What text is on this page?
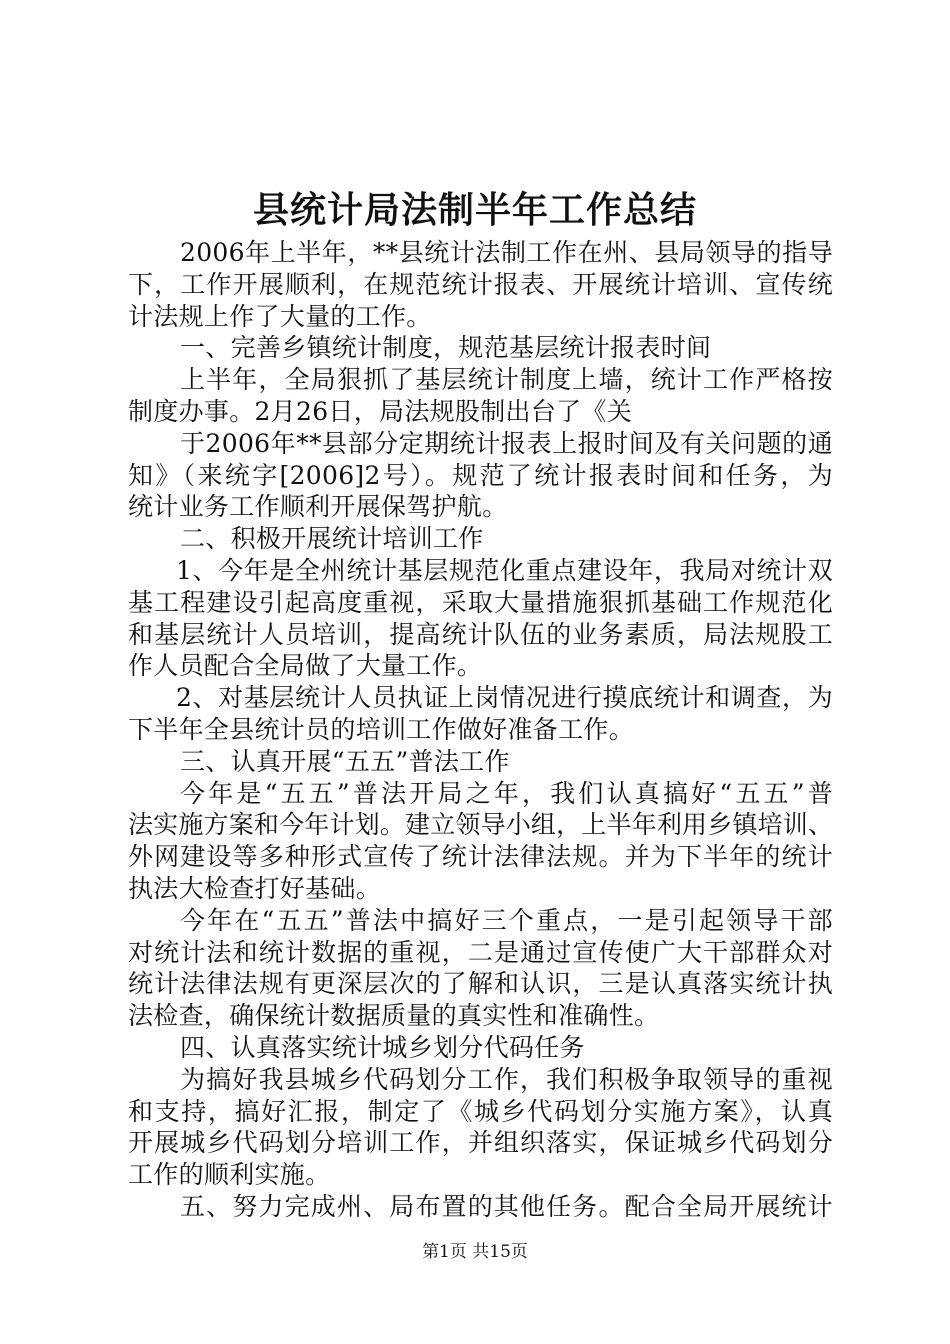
县统计局法制半年工作总结
2006年上半年，**县统计法制工作在州、县局领导的指导
下，工作开展顺利，在规范统计报表、开展统计培训、宣传统
计法规上作了大量的工作。
一、完善乡镇统计制度，规范基层统计报表时间
上半年，全局狠抓了基层统计制度上墙，统计工作严格按
制度办事。2月26日，局法规股制出台了《关
于2006年**县部分定期统计报表上报时间及有关问题的通
知》（来统字[2006]2号）。规范了统计报表时间和任务，为
统计业务工作顺利开展保驾护航。
二、积极开展统计培训工作
1、今年是全州统计基层规范化重点建设年，我局对统计双
基工程建设引起高度重视，采取大量措施狠抓基础工作规范化
和基层统计人员培训，提高统计队伍的业务素质，局法规股工
作人员配合全局做了大量工作。
2、对基层统计人员执证上岗情况进行摸底统计和调查，为
下半年全县统计员的培训工作做好准备工作。
三、认真开展“五五”普法工作
今年是“五五”普法开局之年，我们认真搞好“五五”普
法实施方案和今年计划。建立领导小组，上半年利用乡镇培训、
外网建设等多种形式宣传了统计法律法规。并为下半年的统计
执法大检查打好基础。
今年在“五五”普法中搞好三个重点，一是引起领导干部
对统计法和统计数据的重视，二是通过宣传使广大干部群众对
统计法律法规有更深层次的了解和认识，三是认真落实统计执
法检查，确保统计数据质量的真实性和准确性。
四、认真落实统计城乡划分代码任务
为搞好我县城乡代码划分工作，我们积极争取领导的重视
和支持，搞好汇报，制定了《城乡代码划分实施方案》，认真
开展城乡代码划分培训工作，并组织落实，保证城乡代码划分
工作的顺利实施。
五、努力完成州、局布置的其他任务。配合全局开展统计
第1页 共15页
